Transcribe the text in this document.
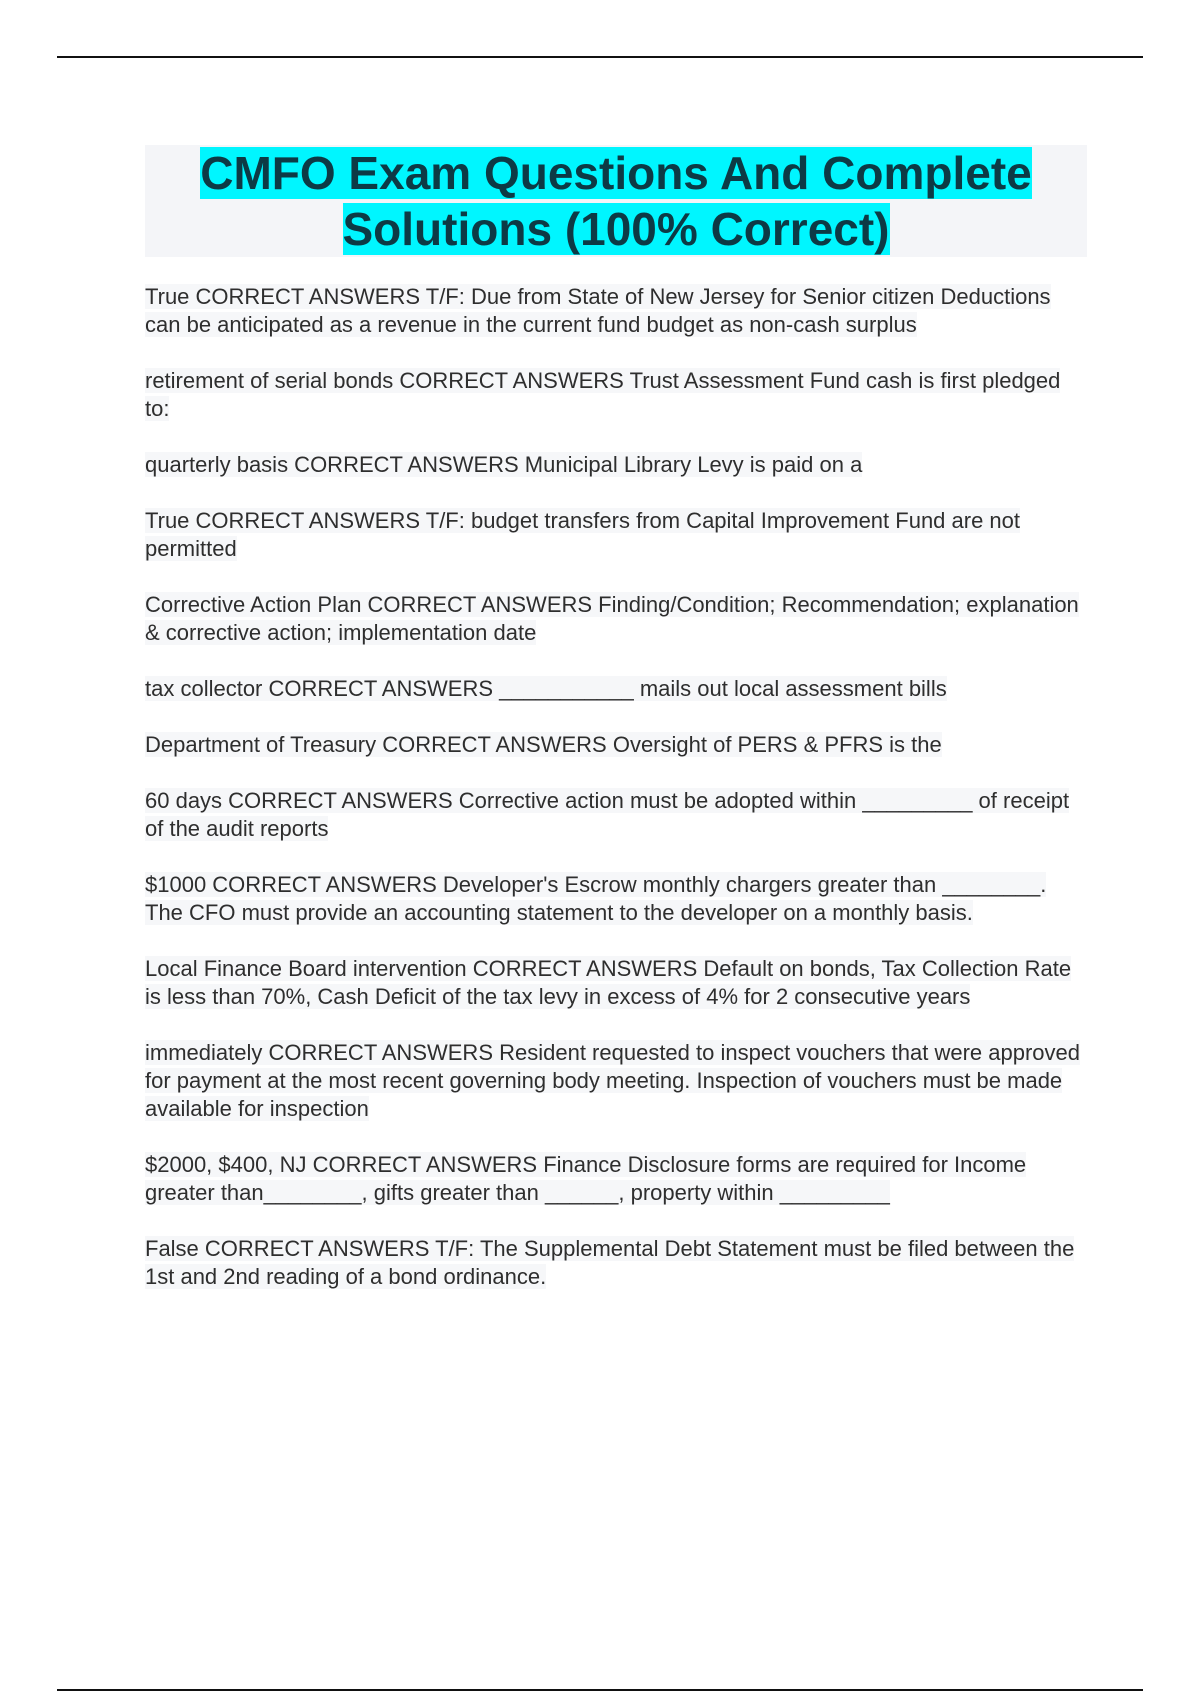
CMFO Exam Questions And Complete
Solutions (100% Correct)

True CORRECT ANSWERS T/F: Due from State of New Jersey for Senior citizen Deductions can be anticipated as a revenue in the current fund budget as non-cash surplus

retirement of serial bonds CORRECT ANSWERS Trust Assessment Fund cash is first pledged to:

quarterly basis CORRECT ANSWERS Municipal Library Levy is paid on a

True CORRECT ANSWERS T/F: budget transfers from Capital Improvement Fund are not permitted

Corrective Action Plan CORRECT ANSWERS Finding/Condition; Recommendation; explanation & corrective action; implementation date

tax collector CORRECT ANSWERS ___________ mails out local assessment bills

Department of Treasury CORRECT ANSWERS Oversight of PERS & PFRS is the

60 days CORRECT ANSWERS Corrective action must be adopted within _________ of receipt of the audit reports

$1000 CORRECT ANSWERS Developer's Escrow monthly chargers greater than ________. The CFO must provide an accounting statement to the developer on a monthly basis.

Local Finance Board intervention CORRECT ANSWERS Default on bonds, Tax Collection Rate is less than 70%, Cash Deficit of the tax levy in excess of 4% for 2 consecutive years

immediately CORRECT ANSWERS Resident requested to inspect vouchers that were approved for payment at the most recent governing body meeting. Inspection of vouchers must be made available for inspection

$2000, $400, NJ CORRECT ANSWERS Finance Disclosure forms are required for Income greater than________, gifts greater than ______, property within _________

False CORRECT ANSWERS T/F: The Supplemental Debt Statement must be filed between the 1st and 2nd reading of a bond ordinance.
